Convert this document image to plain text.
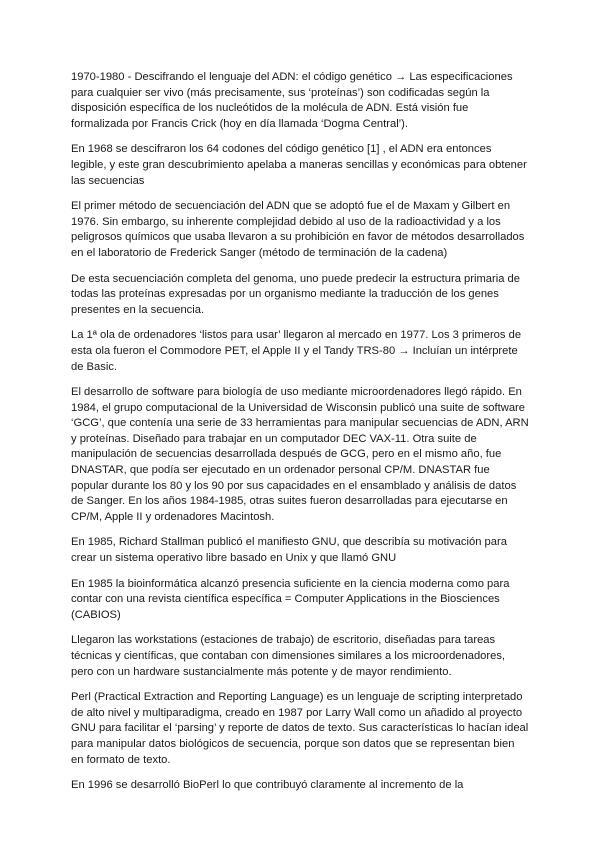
1970-1980 - Descifrando el lenguaje del ADN: el código genético → Las especificaciones para cualquier ser vivo (más precisamente, sus ‘proteínas’) son codificadas según la disposición específica de los nucleótidos de la molécula de ADN. Está visión fue formalizada por Francis Crick (hoy en día llamada ‘Dogma Central’).

En 1968 se descifraron los 64 codones del código genético [1] , el ADN era entonces legible, y este gran descubrimiento apelaba a maneras sencillas y económicas para obtener las secuencias

El primer método de secuenciación del ADN que se adoptó fue el de Maxam y Gilbert en 1976. Sin embargo, su inherente complejidad debido al uso de la radioactividad y a los peligrosos químicos que usaba llevaron a su prohibición en favor de métodos desarrollados en el laboratorio de Frederick Sanger (método de terminación de la cadena)

De esta secuenciación completa del genoma, uno puede predecir la estructura primaria de todas las proteínas expresadas por un organismo mediante la traducción de los genes presentes en la secuencia.

La 1ª ola de ordenadores ‘listos para usar’ llegaron al mercado en 1977. Los 3 primeros de esta ola fueron el Commodore PET, el Apple II y el Tandy TRS-80 → Incluían un intérprete de Basic.

El desarrollo de software para biología de uso mediante microordenadores llegó rápido. En 1984, el grupo computacional de la Universidad de Wisconsin publicó una suite de software ‘GCG’, que contenía una serie de 33 herramientas para manipular secuencias de ADN, ARN y proteínas. Diseñado para trabajar en un computador DEC VAX-11. Otra suite de manipulación de secuencias desarrollada después de GCG, pero en el mismo año, fue DNASTAR, que podía ser ejecutado en un ordenador personal CP/M. DNASTAR fue popular durante los 80 y los 90 por sus capacidades en el ensamblado y análisis de datos de Sanger. En los años 1984-1985, otras suites fueron desarrolladas para ejecutarse en CP/M, Apple II y ordenadores Macintosh.

En 1985, Richard Stallman publicó el manifiesto GNU, que describía su motivación para crear un sistema operativo libre basado en Unix y que llamó GNU

En 1985 la bioinformática alcanzó presencia suficiente en la ciencia moderna como para contar con una revista científica específica = Computer Applications in the Biosciences (CABIOS)

Llegaron las workstations (estaciones de trabajo) de escritorio, diseñadas para tareas técnicas y científicas, que contaban con dimensiones similares a los microordenadores, pero con un hardware sustancialmente más potente y de mayor rendimiento.

Perl (Practical Extraction and Reporting Language) es un lenguaje de scripting interpretado de alto nivel y multiparadigma, creado en 1987 por Larry Wall como un añadido al proyecto GNU para facilitar el ‘parsing’ y reporte de datos de texto. Sus características lo hacían ideal para manipular datos biológicos de secuencia, porque son datos que se representan bien en formato de texto.

En 1996 se desarrolló BioPerl lo que contribuyó claramente al incremento de la
